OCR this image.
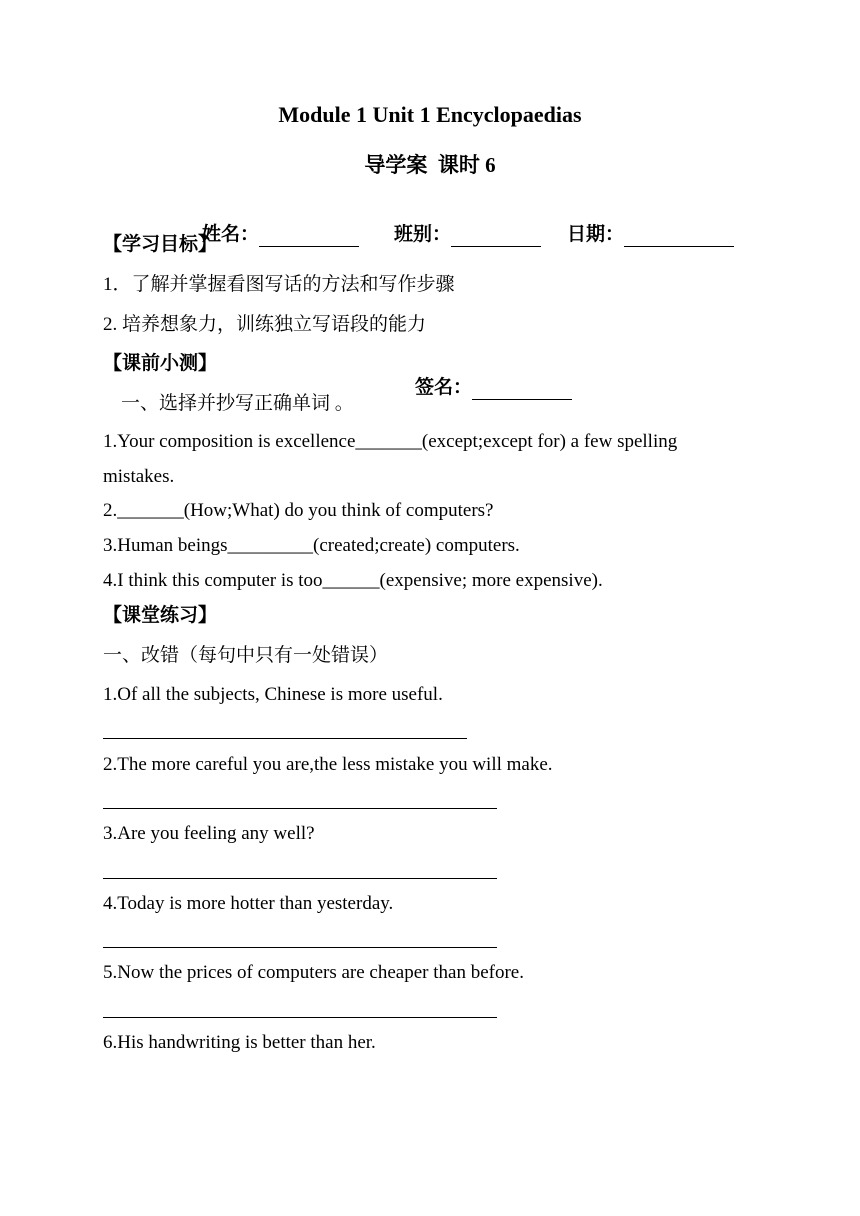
Module 1 Unit 1 Encyclopaedias
导学案  课时 6

姓名：
	班别：
	日期：

【学习目标】
1．了解并掌握看图写话的方法和写作步骤
2. 培养想象力，训练独立写语段的能力
【课前小测】

签名：

一、选择并抄写正确单词 。
1.Your composition is excellence_______(except;except for) a few spelling
mistakes.
2._______(How;What) do you think of computers?
3.Human beings_________(created;create) computers.
4.I think this computer is too______(expensive; more expensive).
【课堂练习】
一、改错（每句中只有一处错误）
1.Of all the subjects, Chinese is more useful.
2.The more careful you are,the less mistake you will make.
3.Are you feeling any well?
4.Today is more hotter than yesterday.
5.Now the prices of computers are cheaper than before.
6.His handwriting is better than her.
